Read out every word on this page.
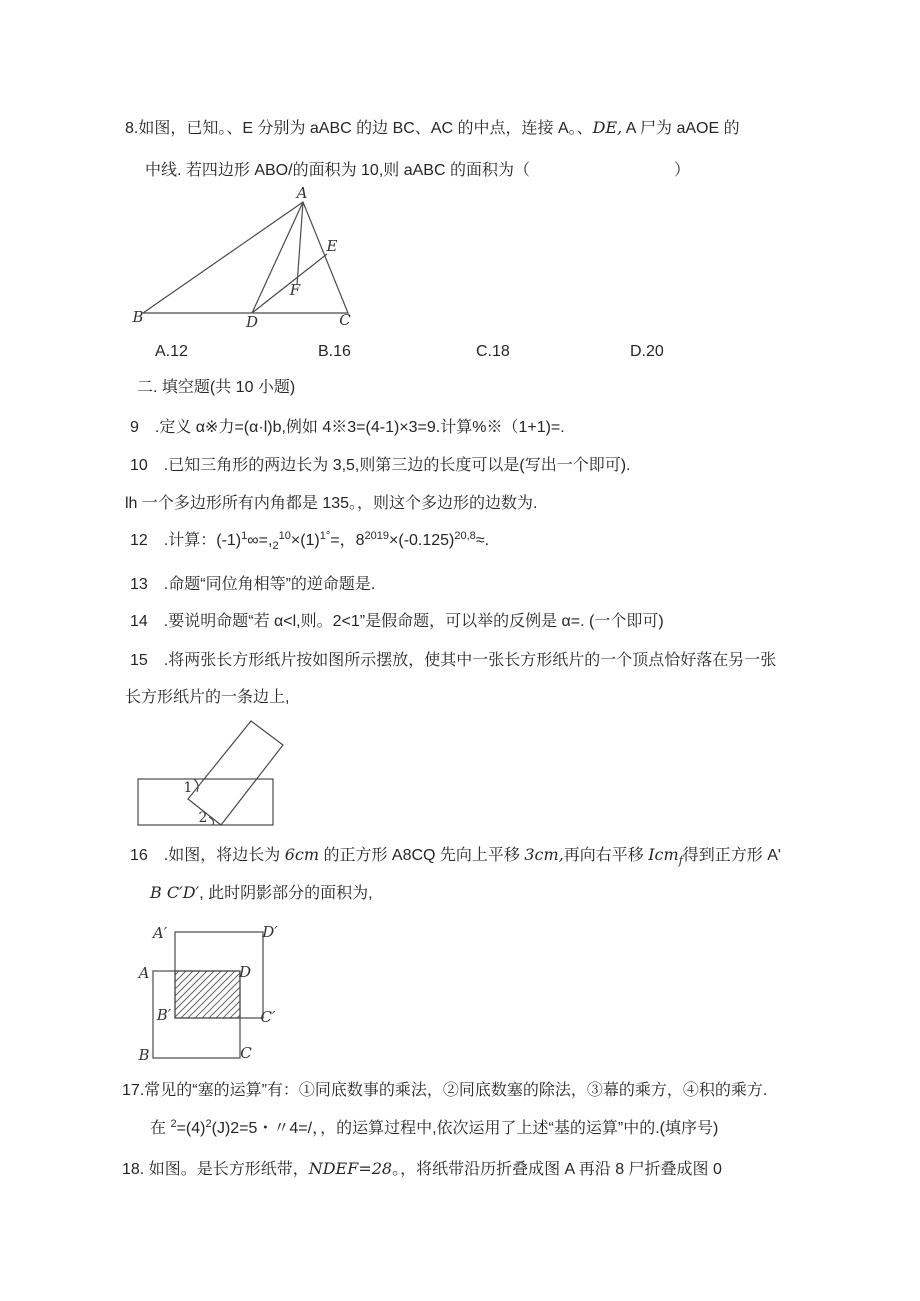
8.如图，已知。、E 分别为 aABC 的边 BC、AC 的中点，连接 A。、DE, A 尸为 aAOE 的
中线. 若四边形 ABO/的面积为 10,则 aABC 的面积为（　　　　　　　　　）
A
B	C
D
E
F
A.12	B.16	C.18	D.20
二. 填空题(共 10 小题)
9　.定义 α※力=(α·l)b,例如 4※3=(4-1)×3=9.计算%※（1+1)=.
10　.已知三角形的两边长为 3,5,则第三边的长度可以是(写出一个即可).
lh 一个多边形所有内角都是 135。，则这个多边形的边数为.
12　.计算：$(-1)^1\infty=,_2^{10}\times(1)^{1^\circ}=$，$8^{2019}\times(-0.125)^{20,8}\approx$.
13　.命题“同位角相等”的逆命题是.
14　.要说明命题“若 α<l,则。2<1”是假命题，可以举的反例是 α=. (一个即可)
15　.将两张长方形纸片按如图所示摆放，使其中一张长方形纸片的一个顶点恰好落在另一张
长方形纸片的一条边上,
1
2
16　.如图，将边长为 6cm 的正方形 A8CQ 先向上平移 3cm,再向右平移 Icm$_f$得到正方形 A'
B C′D′, 此时阴影部分的面积为,
A′	D′
A	D
B′	C′
B	C
17.常见的“塞的运算”有：①同底数事的乘法，②同底数塞的除法，③幕的乘方，④积的乘方.
在 $^2=(4)^2(J)2=5$・〃4=/，，的运算过程中,依次运用了上述“基的运算”中的.(填序号)
18. 如图。是长方形纸带，NDEF=28。，将纸带沿历折叠成图 A 再沿 8 尸折叠成图 0
